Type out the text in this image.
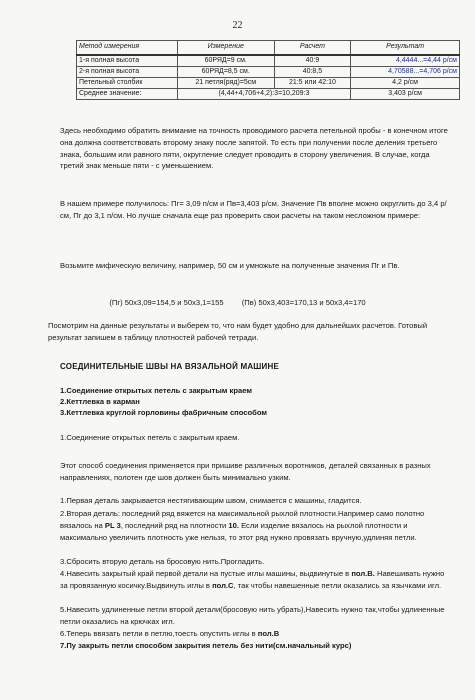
22
Метод измерения	Измерение	Расчет	Результат
1-я полная высота	60РЯД=9 см.	40:9	4,4444...=4,44 р/см
2-я полная высота	60РЯД=8,5 см.	40:8,5	4,70588...=4,706 р/см
Петельный столбик	21 петля(ряд)=5см	21:5 или 42:10	4,2 р/см
Среднее значение:	(4,44+4,706+4,2):3=10,209:3		3,403 р/см

Здесь необходимо обратить внимание на точность проводимого расчета петельной пробы - в конечном итоге она должна соответствовать второму знаку после запятой. То есть при получении после деления третьего знака, большим или равного пяти, округление следует проводить в сторону увеличения. В случае, когда третий знак меньше пяти - с уменьшением.

В нашем примере получилось: Пг= 3,09 п/см и Пв=3,403 р/см. Значение Пв вполне можно округлить до 3,4 р/см, Пг до 3,1 п/см. Но лучше сначала еще раз проверить свои расчеты на таком несложном примере:

Возьмите мифическую величину, например, 50 см и умножьте на полученные значения Пг и Пв.

(Пг) 50х3,09=154,5 и 50х3,1=155 (Пв) 50х3,403=170,13 и 50х3,4=170

Посмотрим на данные результаты и выберем то, что нам будет удобно для дальнейших расчетов. Готовый результат запишем в таблицу плотностей рабочей тетради.

СОЕДИНИТЕЛЬНЫЕ ШВЫ НА ВЯЗАЛЬНОЙ МАШИНЕ
1.Соединение открытых петель с закрытым краем
2.Кеттлевка в карман
3.Кеттлевка круглой горловины фабричным способом

1.Соединение открытых петель с закрытым краем.

Этот способ соединения применяется при пришиве различных воротников, деталей связанных в разных направлениях, полотен где шов должен быть минимально узким.

1.Первая деталь закрывается нестягивающим швом, снимается с машины, гладится.

2.Вторая деталь: последний ряд вяжется на максимальной рыхлой плотности.Например само полотно вязалось на PL 3, последний ряд на плотности 10. Если изделие вязалось на рыхлой плотности и максимально увеличить плотность уже нельзя, то этот ряд нужно провязать вручную,удлиняя петли.

3.Сбросить вторую деталь на бросовую нить.Прогладить.

4.Навесить закрытый край первой детали на пустые иглы машины, выдвинутые в пол.В. Навешивать нужно за провязанную косичку.Выдвинуть иглы в пол.С, так чтобы навешенные петли оказались за язычками игл.

5.Навесить удлиненные петли второй детали(бросовую нить убрать),Навесить нужно так,чтобы удлиненные петли оказались на крючках игл.

6.Теперь ввязать петли в петлю,тоесть опустить иглы в пол.В

7.Пу закрыть петли способом закрытия петель без нити(см.начальный курс)
